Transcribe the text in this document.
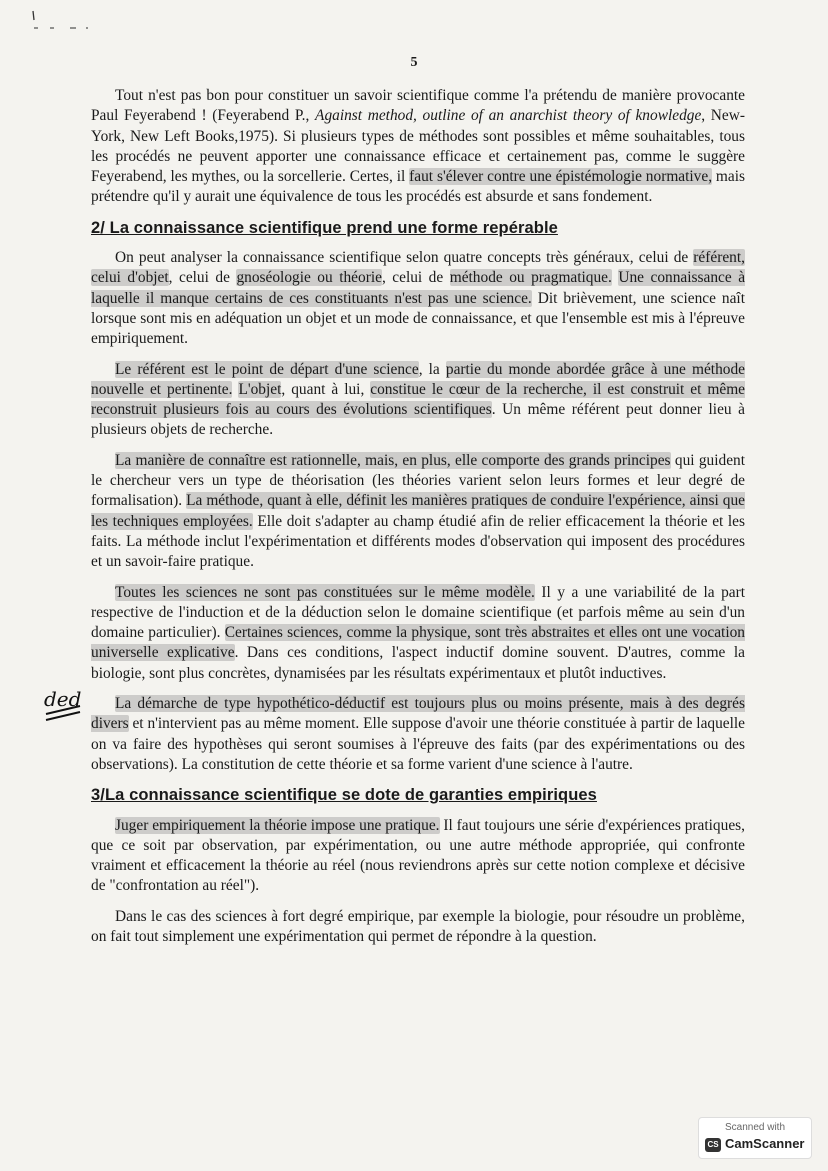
5

Tout n'est pas bon pour constituer un savoir scientifique comme l'a prétendu de manière provocante Paul Feyerabend ! (Feyerabend P., Against method, outline of an anarchist theory of knowledge, New-York, New Left Books,1975). Si plusieurs types de méthodes sont possibles et même souhaitables, tous les procédés ne peuvent apporter une connaissance efficace et certainement pas, comme le suggère Feyerabend, les mythes, ou la sorcellerie. Certes, il faut s'élever contre une épistémologie normative, mais prétendre qu'il y aurait une équivalence de tous les procédés est absurde et sans fondement.

2/ La connaissance scientifique prend une forme repérable

On peut analyser la connaissance scientifique selon quatre concepts très généraux, celui de référent, celui d'objet, celui de gnoséologie ou théorie, celui de méthode ou pragmatique. Une connaissance à laquelle il manque certains de ces constituants n'est pas une science. Dit brièvement, une science naît lorsque sont mis en adéquation un objet et un mode de connaissance, et que l'ensemble est mis à l'épreuve empiriquement.

Le référent est le point de départ d'une science, la partie du monde abordée grâce à une méthode nouvelle et pertinente. L'objet, quant à lui, constitue le cœur de la recherche, il est construit et même reconstruit plusieurs fois au cours des évolutions scientifiques. Un même référent peut donner lieu à plusieurs objets de recherche.

La manière de connaître est rationnelle, mais, en plus, elle comporte des grands principes qui guident le chercheur vers un type de théorisation (les théories varient selon leurs formes et leur degré de formalisation). La méthode, quant à elle, définit les manières pratiques de conduire l'expérience, ainsi que les techniques employées. Elle doit s'adapter au champ étudié afin de relier efficacement la théorie et les faits. La méthode inclut l'expérimentation et différents modes d'observation qui imposent des procédures et un savoir-faire pratique.

Toutes les sciences ne sont pas constituées sur le même modèle. Il y a une variabilité de la part respective de l'induction et de la déduction selon le domaine scientifique (et parfois même au sein d'un domaine particulier). Certaines sciences, comme la physique, sont très abstraites et elles ont une vocation universelle explicative. Dans ces conditions, l'aspect inductif domine souvent. D'autres, comme la biologie, sont plus concrètes, dynamisées par les résultats expérimentaux et plutôt inductives.

La démarche de type hypothético-déductif est toujours plus ou moins présente, mais à des degrés divers et n'intervient pas au même moment. Elle suppose d'avoir une théorie constituée à partir de laquelle on va faire des hypothèses qui seront soumises à l'épreuve des faits (par des expérimentations ou des observations). La constitution de cette théorie et sa forme varient d'une science à l'autre.

3/La connaissance scientifique se dote de garanties empiriques

Juger empiriquement la théorie impose une pratique. Il faut toujours une série d'expériences pratiques, que ce soit par observation, par expérimentation, ou une autre méthode appropriée, qui confronte vraiment et efficacement la théorie au réel (nous reviendrons après sur cette notion complexe et décisive de "confrontation au réel").

Dans le cas des sciences à fort degré empirique, par exemple la biologie, pour résoudre un problème, on fait tout simplement une expérimentation qui permet de répondre à la question.

ded
Scanned with
CS CamScanner
